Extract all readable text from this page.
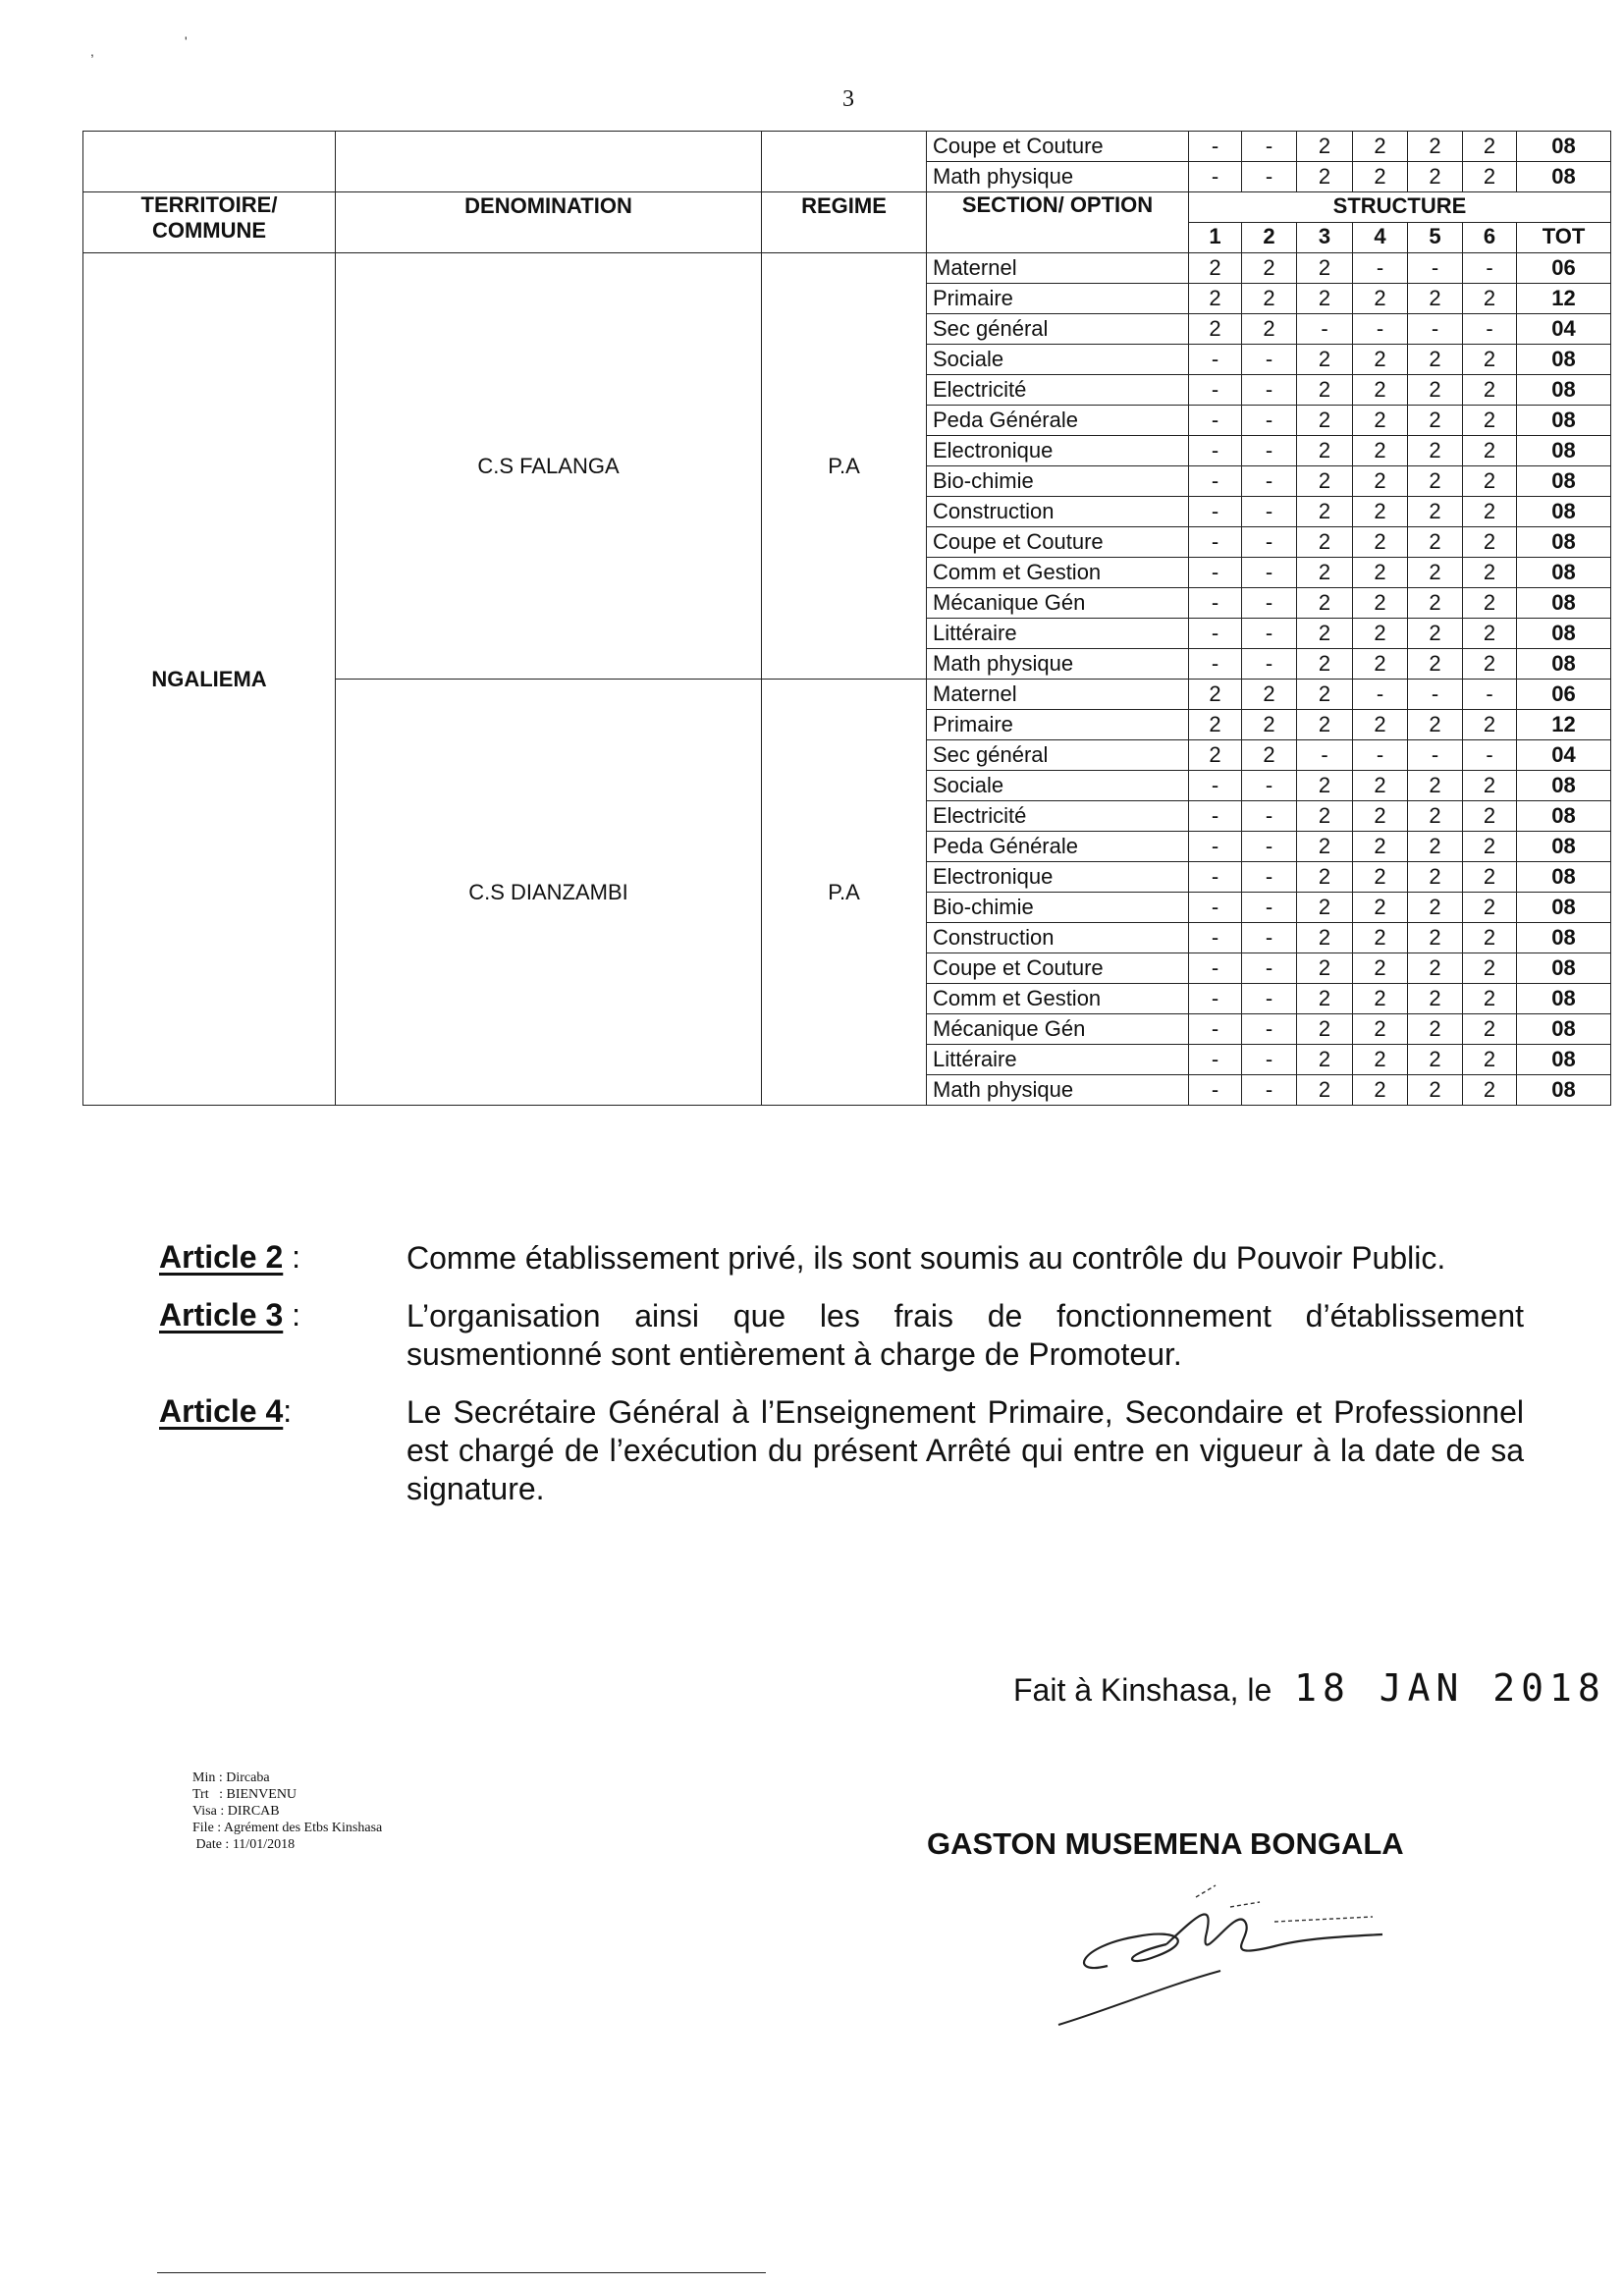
3
,
'
			Coupe et Couture	-	-	2	2	2	2	08
			Math physique	-	-	2	2	2	2	08
TERRITOIRE/ COMMUNE	DENOMINATION	REGIME	SECTION/ OPTION	STRUCTURE						
				1	2	3	4	5	6	TOT
NGALIEMA	C.S FALANGA	P.A	Maternel	2	2	2	-	-	-	06
			Primaire	2	2	2	2	2	2	12
			Sec général	2	2	-	-	-	-	04
			Sociale	-	-	2	2	2	2	08
			Electricité	-	-	2	2	2	2	08
			Peda Générale	-	-	2	2	2	2	08
			Electronique	-	-	2	2	2	2	08
			Bio-chimie	-	-	2	2	2	2	08
			Construction	-	-	2	2	2	2	08
			Coupe et Couture	-	-	2	2	2	2	08
			Comm et Gestion	-	-	2	2	2	2	08
			Mécanique Gén	-	-	2	2	2	2	08
			Littéraire	-	-	2	2	2	2	08
			Math physique	-	-	2	2	2	2	08
	C.S DIANZAMBI	P.A	Maternel	2	2	2	-	-	-	06
			Primaire	2	2	2	2	2	2	12
			Sec général	2	2	-	-	-	-	04
			Sociale	-	-	2	2	2	2	08
			Electricité	-	-	2	2	2	2	08
			Peda Générale	-	-	2	2	2	2	08
			Electronique	-	-	2	2	2	2	08
			Bio-chimie	-	-	2	2	2	2	08
			Construction	-	-	2	2	2	2	08
			Coupe et Couture	-	-	2	2	2	2	08
			Comm et Gestion	-	-	2	2	2	2	08
			Mécanique Gén	-	-	2	2	2	2	08
			Littéraire	-	-	2	2	2	2	08
			Math physique	-	-	2	2	2	2	08
Article 2 :	Comme établissement privé, ils sont soumis au contrôle du Pouvoir Public.
Article 3 :	L’organisation ainsi que les frais de fonctionnement d’établissement susmentionné sont entièrement à charge de Promoteur.
Article 4:	Le Secrétaire Général à l’Enseignement Primaire, Secondaire et Professionnel est chargé de l’exécution du présent Arrêté qui entre en vigueur à la date de sa signature.
Fait à Kinshasa, le 18 JAN 2018
Min : Dircaba
Trt   : BIENVENU
Visa : DIRCAB
File : Agrément des Etbs Kinshasa
Date : 11/01/2018	GASTON MUSEMENA BONGALA
